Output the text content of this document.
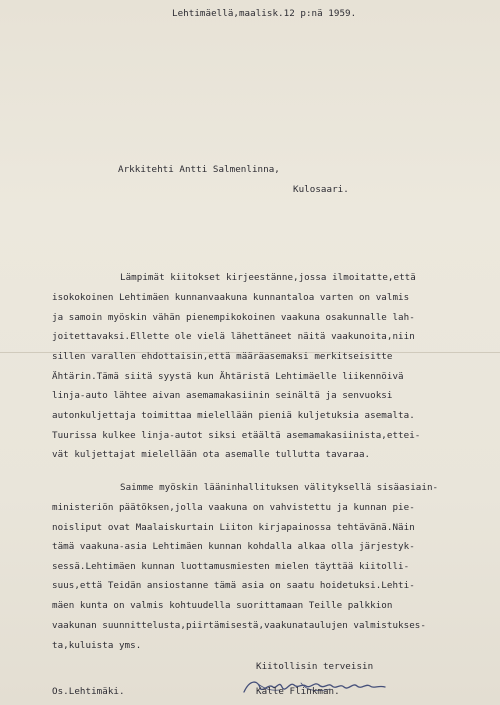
Lehtimäellä,maalisk.12 p:nä 1959.
Arkkitehti Antti Salmenlinna,
Kulosaari.
Lämpimät kiitokset kirjeestänne,jossa ilmoitatte,että
isokokoinen Lehtimäen kunnanvaakuna kunnantaloa varten on valmis
ja samoin myöskin vähän pienempikokoinen vaakuna osakunnalle lah-
joitettavaksi.Ellette ole vielä lähettäneet näitä vaakunoita,niin
sillen varallen ehdottaisin,että määräasemaksi merkitseisitte
Ähtärin.Tämä siitä syystä kun Ähtäristä Lehtimäelle liikennöivä
linja-auto lähtee aivan asemamakasiinin seinältä ja senvuoksi
autonkuljettaja toimittaa mielellään pieniä kuljetuksia asemalta.
Tuurissa kulkee linja-autot siksi etäältä asemamakasiinista,ettei-
vät kuljettajat mielellään ota asemalle tullutta tavaraa.
Saimme myöskin lääninhallituksen välityksellä sisäasiain-
ministeriön päätöksen,jolla vaakuna on vahvistettu ja kunnan pie-
noisliput ovat Maalaiskurtain Liiton kirjapainossa tehtävänä.Näin
tämä vaakuna-asia Lehtimäen kunnan kohdalla alkaa olla järjestyk-
sessä.Lehtimäen kunnan luottamusmiesten mielen täyttää kiitolli-
suus,että Teidän ansiostanne tämä asia on saatu hoidetuksi.Lehti-
mäen kunta on valmis kohtuudella suorittamaan Teille palkkion
vaakunan suunnittelusta,piirtämisestä,vaakunataulujen valmistukses-
ta,kuluista yms.
Kiitollisin terveisin
Os.Lehtimäki.	Kalle Flinkman.
